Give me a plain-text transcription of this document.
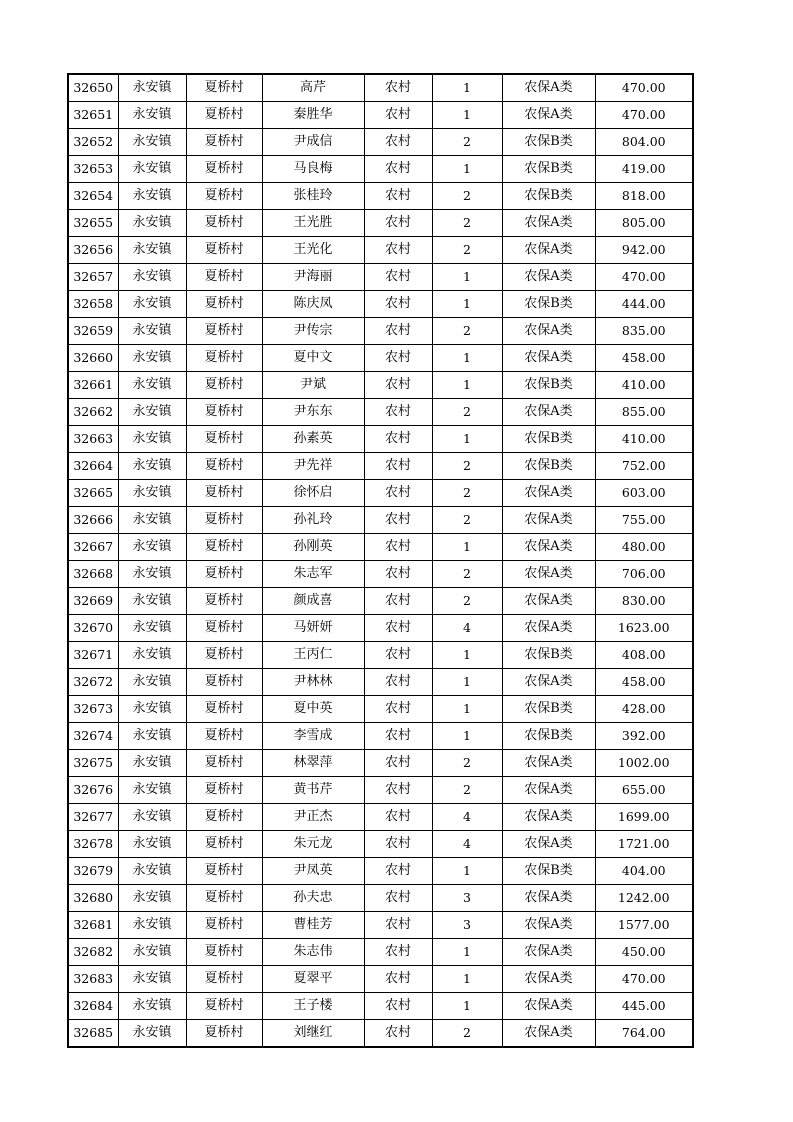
32650	永安镇	夏桥村	高芹	农村	1	农保A类	470.00
32651	永安镇	夏桥村	秦胜华	农村	1	农保A类	470.00
32652	永安镇	夏桥村	尹成信	农村	2	农保B类	804.00
32653	永安镇	夏桥村	马良梅	农村	1	农保B类	419.00
32654	永安镇	夏桥村	张桂玲	农村	2	农保B类	818.00
32655	永安镇	夏桥村	王光胜	农村	2	农保A类	805.00
32656	永安镇	夏桥村	王光化	农村	2	农保A类	942.00
32657	永安镇	夏桥村	尹海丽	农村	1	农保A类	470.00
32658	永安镇	夏桥村	陈庆凤	农村	1	农保B类	444.00
32659	永安镇	夏桥村	尹传宗	农村	2	农保A类	835.00
32660	永安镇	夏桥村	夏中文	农村	1	农保A类	458.00
32661	永安镇	夏桥村	尹斌	农村	1	农保B类	410.00
32662	永安镇	夏桥村	尹东东	农村	2	农保A类	855.00
32663	永安镇	夏桥村	孙素英	农村	1	农保B类	410.00
32664	永安镇	夏桥村	尹先祥	农村	2	农保B类	752.00
32665	永安镇	夏桥村	徐怀启	农村	2	农保A类	603.00
32666	永安镇	夏桥村	孙礼玲	农村	2	农保A类	755.00
32667	永安镇	夏桥村	孙刚英	农村	1	农保A类	480.00
32668	永安镇	夏桥村	朱志军	农村	2	农保A类	706.00
32669	永安镇	夏桥村	颜成喜	农村	2	农保A类	830.00
32670	永安镇	夏桥村	马妍妍	农村	4	农保A类	1623.00
32671	永安镇	夏桥村	王丙仁	农村	1	农保B类	408.00
32672	永安镇	夏桥村	尹林林	农村	1	农保A类	458.00
32673	永安镇	夏桥村	夏中英	农村	1	农保B类	428.00
32674	永安镇	夏桥村	李雪成	农村	1	农保B类	392.00
32675	永安镇	夏桥村	林翠萍	农村	2	农保A类	1002.00
32676	永安镇	夏桥村	黄书芹	农村	2	农保A类	655.00
32677	永安镇	夏桥村	尹正杰	农村	4	农保A类	1699.00
32678	永安镇	夏桥村	朱元龙	农村	4	农保A类	1721.00
32679	永安镇	夏桥村	尹凤英	农村	1	农保B类	404.00
32680	永安镇	夏桥村	孙夫忠	农村	3	农保A类	1242.00
32681	永安镇	夏桥村	曹桂芳	农村	3	农保A类	1577.00
32682	永安镇	夏桥村	朱志伟	农村	1	农保A类	450.00
32683	永安镇	夏桥村	夏翠平	农村	1	农保A类	470.00
32684	永安镇	夏桥村	王子楼	农村	1	农保A类	445.00
32685	永安镇	夏桥村	刘继红	农村	2	农保A类	764.00
